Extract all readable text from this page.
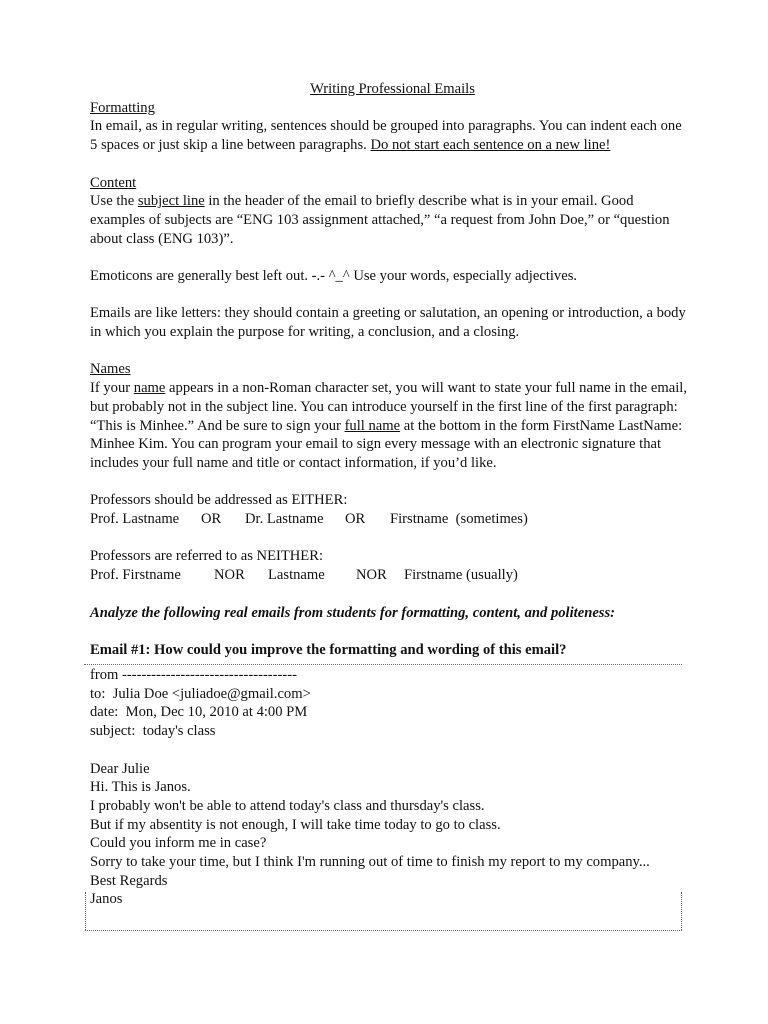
Writing Professional Emails
Formatting

In email, as in regular writing, sentences should be grouped into paragraphs. You can indent each one 5 spaces or just skip a line between paragraphs. Do not start each sentence on a new line!

Content

Use the subject line in the header of the email to briefly describe what is in your email. Good examples of subjects are “ENG 103 assignment attached,” “a request from John Doe,” or “question about class (ENG 103)”.

Emoticons are generally best left out. -.- ^_^ Use your words, especially adjectives.

Emails are like letters: they should contain a greeting or salutation, an opening or introduction, a body in which you explain the purpose for writing, a conclusion, and a closing.

Names

If your name appears in a non-Roman character set, you will want to state your full name in the email, but probably not in the subject line. You can introduce yourself in the first line of the first paragraph: “This is Minhee.” And be sure to sign your full name at the bottom in the form FirstName LastName: Minhee Kim. You can program your email to sign every message with an electronic signature that includes your full name and title or contact information, if you’d like.

Professors should be addressed as EITHER:
Prof. Lastname OR Dr. Lastname OR Firstname  (sometimes)
Professors are referred to as NEITHER:
Prof. Firstname NOR Lastname NOR Firstname (usually)

Analyze the following real emails from students for formatting, content, and politeness:

Email #1: How could you improve the formatting and wording of this email?

from ------------------------------------
to:  Julia Doe <juliadoe@gmail.com>
date:  Mon, Dec 10, 2010 at 4:00 PM
subject:  today's class
Dear Julie
Hi. This is Janos.
I probably won't be able to attend today's class and thursday's class.
But if my absentity is not enough, I will take time today to go to class.
Could you inform me in case?
Sorry to take your time, but I think I'm running out of time to finish my report to my company...
Best Regards
Janos
